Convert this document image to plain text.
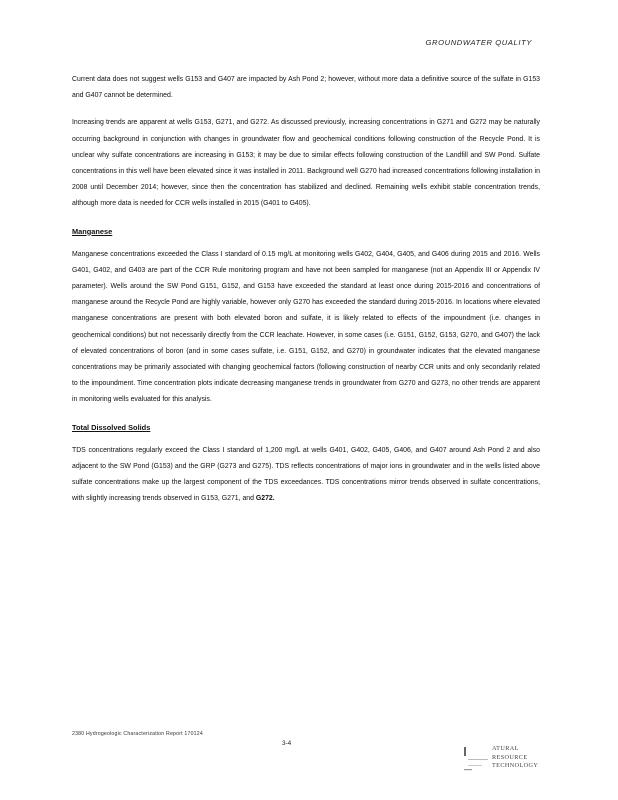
GROUNDWATER QUALITY

Current data does not suggest wells G153 and G407 are impacted by Ash Pond 2; however, without more data a definitive source of the sulfate in G153 and G407 cannot be determined.

Increasing trends are apparent at wells G153, G271, and G272. As discussed previously, increasing concentrations in G271 and G272 may be naturally occurring background in conjunction with changes in groundwater flow and geochemical conditions following construction of the Recycle Pond. It is unclear why sulfate concentrations are increasing in G153; it may be due to similar effects following construction of the Landfill and SW Pond. Sulfate concentrations in this well have been elevated since it was installed in 2011. Background well G270 had increased concentrations following installation in 2008 until December 2014; however, since then the concentration has stabilized and declined. Remaining wells exhibit stable concentration trends, although more data is needed for CCR wells installed in 2015 (G401 to G405).

Manganese

Manganese concentrations exceeded the Class I standard of 0.15 mg/L at monitoring wells G402, G404, G405, and G406 during 2015 and 2016. Wells G401, G402, and G403 are part of the CCR Rule monitoring program and have not been sampled for manganese (not an Appendix III or Appendix IV parameter). Wells around the SW Pond G151, G152, and G153 have exceeded the standard at least once during 2015-2016 and concentrations of manganese around the Recycle Pond are highly variable, however only G270 has exceeded the standard during 2015-2016. In locations where elevated manganese concentrations are present with both elevated boron and sulfate, it is likely related to effects of the impoundment (i.e. changes in geochemical conditions) but not necessarily directly from the CCR leachate. However, in some cases (i.e. G151, G152, G153, G270, and G407) the lack of elevated concentrations of boron (and in some cases sulfate, i.e. G151, G152, and G270) in groundwater indicates that the elevated manganese concentrations may be primarily associated with changing geochemical factors (following construction of nearby CCR units and only secondarily related to the impoundment. Time concentration plots indicate decreasing manganese trends in groundwater from G270 and G273, no other trends are apparent in monitoring wells evaluated for this analysis.

Total Dissolved Solids

TDS concentrations regularly exceed the Class I standard of 1,200 mg/L at wells G401, G402, G405, G406, and G407 around Ash Pond 2 and also adjacent to the SW Pond (G153) and the GRP (G273 and G275). TDS reflects concentrations of major ions in groundwater and in the wells listed above sulfate concentrations make up the largest component of the TDS exceedances. TDS concentrations mirror trends observed in sulfate concentrations, with slightly increasing trends observed in G153, G271, and G272.

2380 Hydrogeologic Characterization Report 170124
3-4
ATURAL
RESOURCE
TECHNOLOGY
